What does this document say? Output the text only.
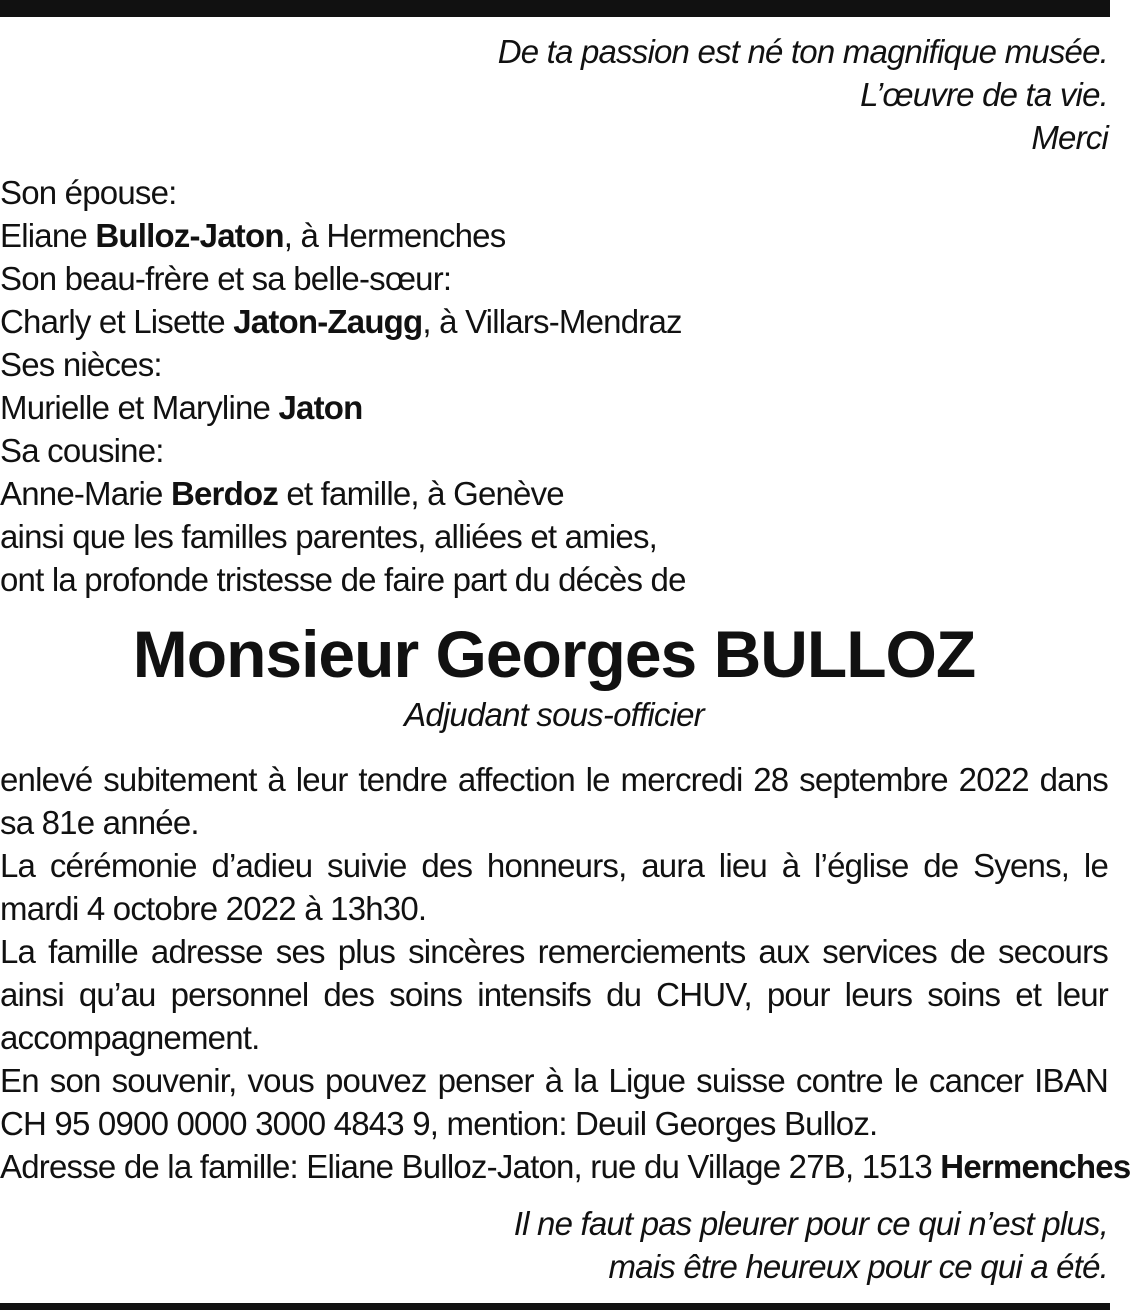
De ta passion est né ton magnifique musée.
L’œuvre de ta vie.
Merci
Son épouse:
Eliane Bulloz-Jaton, à Hermenches
Son beau-frère et sa belle-sœur:
Charly et Lisette Jaton-Zaugg, à Villars-Mendraz
Ses nièces:
Murielle et Maryline Jaton
Sa cousine:
Anne-Marie Berdoz et famille, à Genève
ainsi que les familles parentes, alliées et amies,
ont la profonde tristesse de faire part du décès de
Monsieur Georges BULLOZ
Adjudant sous-officier

enlevé subitement à leur tendre affection le mercredi 28 septembre 2022 dans sa 81e année.

La cérémonie d’adieu suivie des honneurs, aura lieu à l’église de Syens, le mardi 4 octobre 2022 à 13h30.

La famille adresse ses plus sincères remerciements aux services de secours ainsi qu’au personnel des soins intensifs du CHUV, pour leurs soins et leur accompagnement.

En son souvenir, vous pouvez penser à la Ligue suisse contre le cancer IBAN CH 95 0900 0000 3000 4843 9, mention: Deuil Georges Bulloz.

Adresse de la famille: Eliane Bulloz-Jaton, rue du Village 27B, 1513 Hermenches

Il ne faut pas pleurer pour ce qui n’est plus,
mais être heureux pour ce qui a été.
